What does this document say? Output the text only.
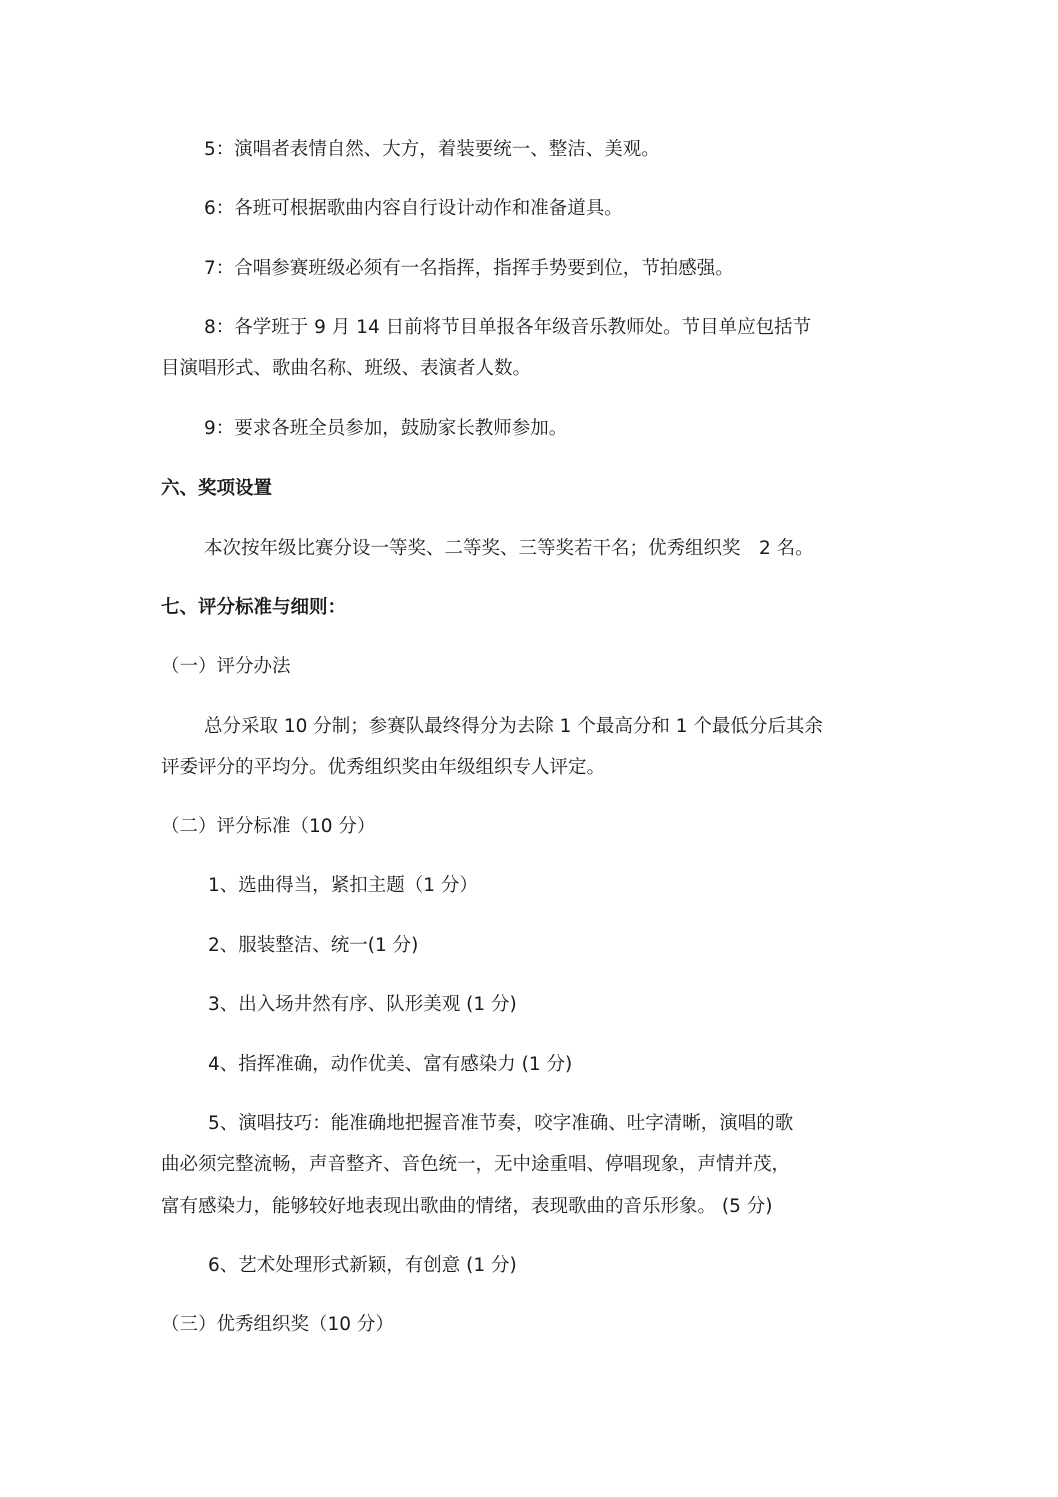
5：演唱者表情自然、大方，着装要统一、整洁、美观。
6：各班可根据歌曲内容自行设计动作和准备道具。
7：合唱参赛班级必须有一名指挥，指挥手势要到位，节拍感强。
8：各学班于 9 月 14 日前将节目单报各年级音乐教师处。节目单应包括节
目演唱形式、歌曲名称、班级、表演者人数。
9：要求各班全员参加，鼓励家长教师参加。
六、奖项设置
本次按年级比赛分设一等奖、二等奖、三等奖若干名；优秀组织奖　2 名。
七、评分标准与细则：
（一）评分办法
总分采取 10 分制；参赛队最终得分为去除 1 个最高分和 1 个最低分后其余
评委评分的平均分。优秀组织奖由年级组织专人评定。
（二）评分标准（10 分）
1、选曲得当，紧扣主题（1 分）
2、服装整洁、统一(1 分)
3、出入场井然有序、队形美观 (1 分)
4、指挥准确，动作优美、富有感染力 (1 分)
5、演唱技巧：能准确地把握音准节奏，咬字准确、吐字清晰，演唱的歌
曲必须完整流畅，声音整齐、音色统一，无中途重唱、停唱现象，声情并茂，
富有感染力，能够较好地表现出歌曲的情绪，表现歌曲的音乐形象。 (5 分)
6、艺术处理形式新颖，有创意 (1 分)
（三）优秀组织奖（10 分）
